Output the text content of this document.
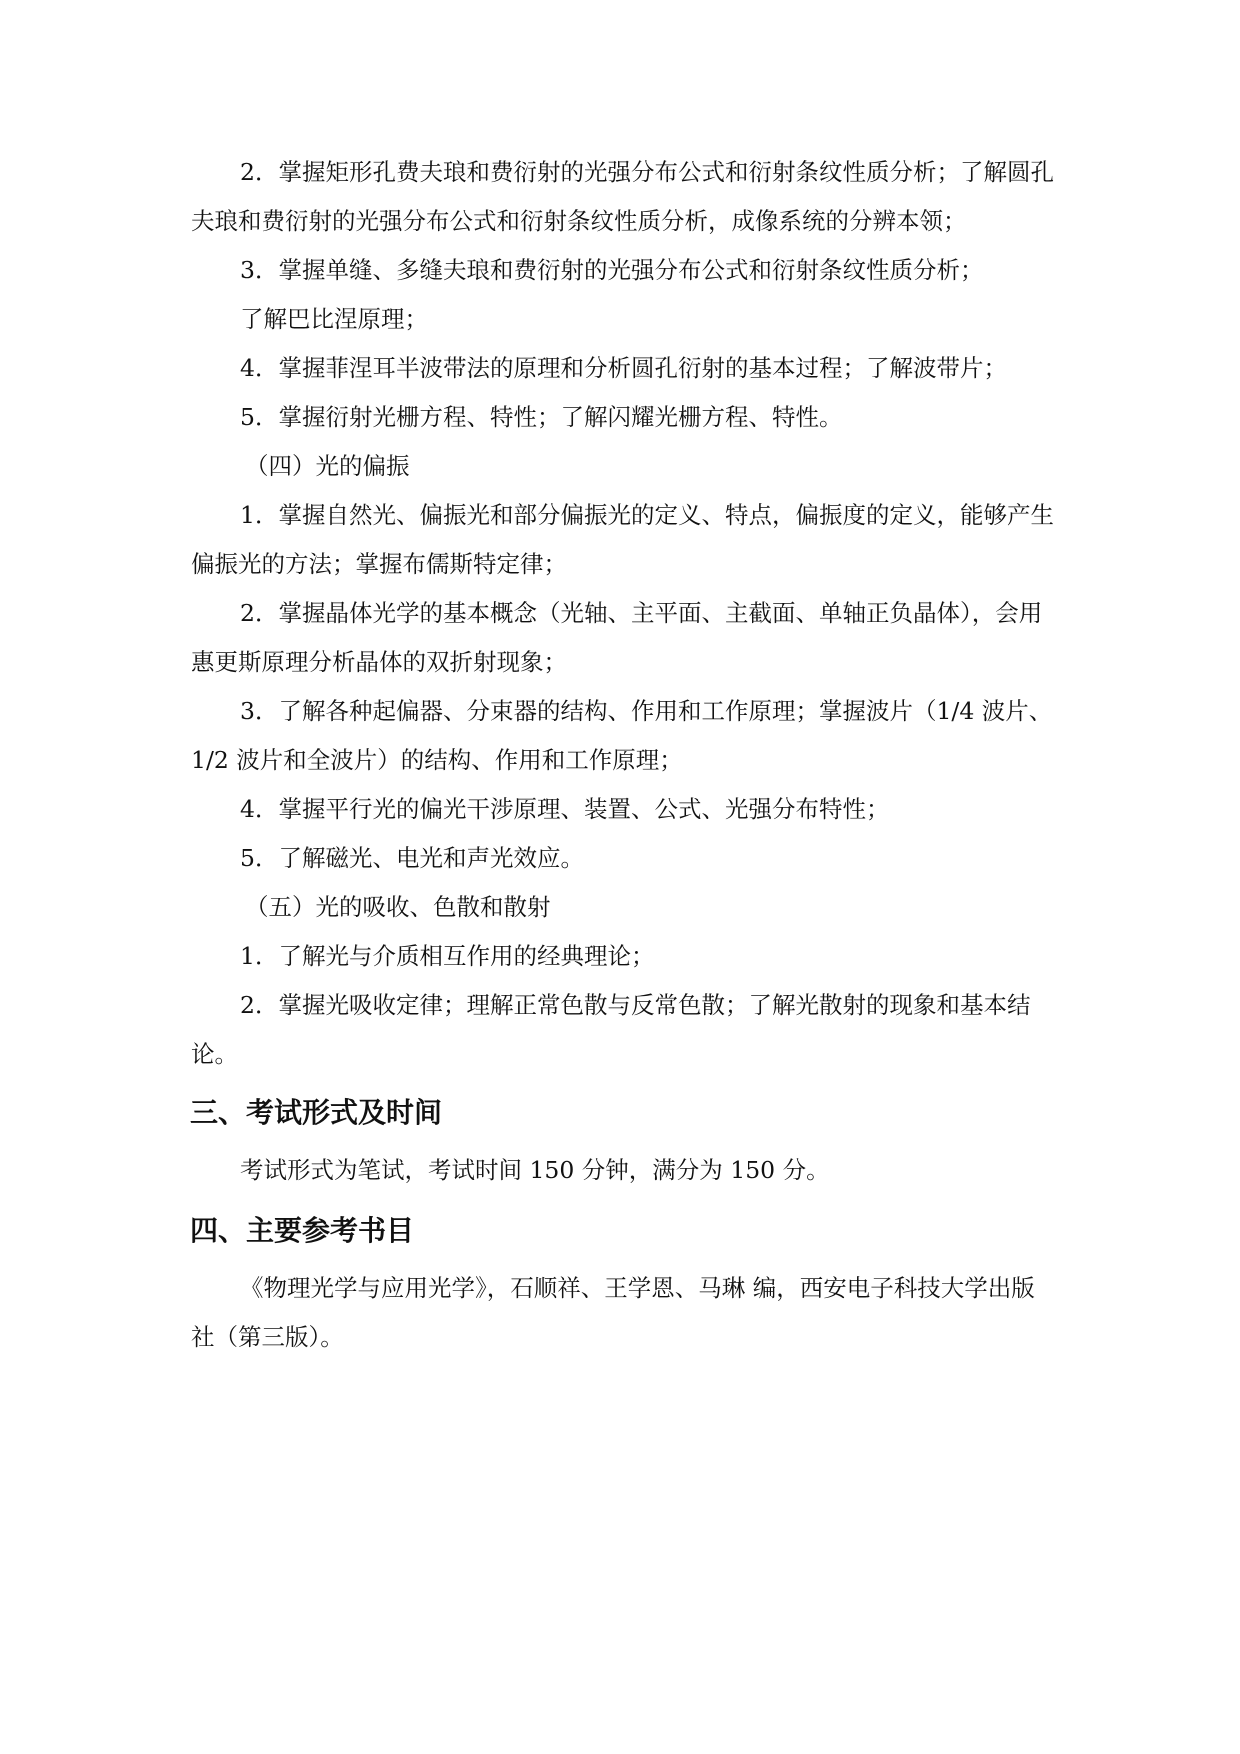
2．掌握矩形孔费夫琅和费衍射的光强分布公式和衍射条纹性质分析；了解圆孔夫琅和费衍射的光强分布公式和衍射条纹性质分析，成像系统的分辨本领；

3．掌握单缝、多缝夫琅和费衍射的光强分布公式和衍射条纹性质分析；

了解巴比涅原理；

4．掌握菲涅耳半波带法的原理和分析圆孔衍射的基本过程；了解波带片；

5．掌握衍射光栅方程、特性；了解闪耀光栅方程、特性。

（四）光的偏振

1．掌握自然光、偏振光和部分偏振光的定义、特点，偏振度的定义，能够产生偏振光的方法；掌握布儒斯特定律；

2．掌握晶体光学的基本概念（光轴、主平面、主截面、单轴正负晶体），会用惠更斯原理分析晶体的双折射现象；

3．了解各种起偏器、分束器的结构、作用和工作原理；掌握波片（1/4 波片、1/2 波片和全波片）的结构、作用和工作原理；

4．掌握平行光的偏光干涉原理、装置、公式、光强分布特性；

5．了解磁光、电光和声光效应。

（五）光的吸收、色散和散射

1．了解光与介质相互作用的经典理论；

2．掌握光吸收定律；理解正常色散与反常色散；了解光散射的现象和基本结论。

三、考试形式及时间

考试形式为笔试，考试时间 150 分钟，满分为 150 分。

四、主要参考书目

《物理光学与应用光学》，石顺祥、王学恩、马琳 编，西安电子科技大学出版社（第三版）。
